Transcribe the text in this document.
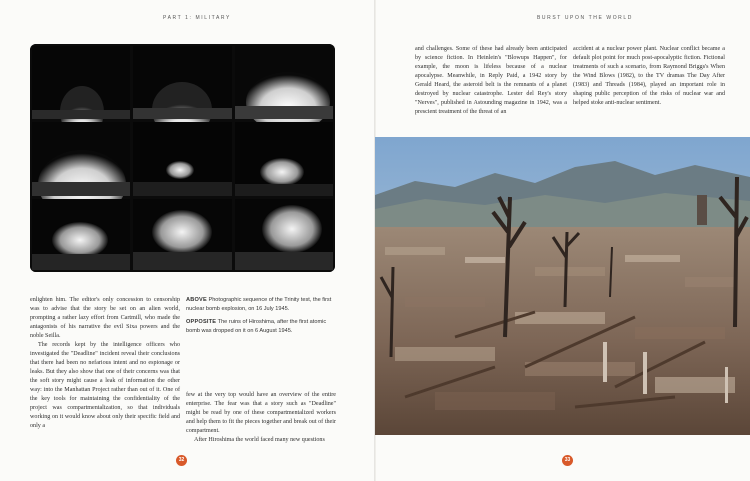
PART 1: MILITARY	BURST UPON THE WORLD

enlighten him. The editor's only concession to censorship was to advise that the story be set on an alien world, prompting a rather lazy effort from Cartmill, who made the antagonists of his narrative the evil Sixa powers and the noble Seilla.

The records kept by the intelligence officers who investigated the "Deadline" incident reveal their conclusions that there had been no nefarious intent and no espionage or leaks. But they also show that one of their concerns was that the soft story might cause a leak of information the other way: into the Manhattan Project rather than out of it. One of the key tools for maintaining the confidentiality of the project was compartmentalization, so that individuals working on it would know about only their specific field and only a

ABOVE Photographic sequence of the Trinity test, the first nuclear bomb explosion, on 16 July 1945.

OPPOSITE The ruins of Hiroshima, after the first atomic bomb was dropped on it on 6 August 1945.

few at the very top would have an overview of the entire enterprise. The fear was that a story such as "Deadline" might be read by one of these compartmentalized workers and help them to fit the pieces together and break out of their compartment.

After Hiroshima the world faced many new questions

and challenges. Some of these had already been anticipated by science fiction. In Heinlein's "Blowups Happen", for example, the moon is lifeless because of a nuclear apocalypse. Meanwhile, in Reply Paid, a 1942 story by Gerald Heard, the asteroid belt is the remnants of a planet destroyed by nuclear catastrophe. Lester del Rey's story "Nerves", published in Astounding magazine in 1942, was a prescient treatment of the threat of an

accident at a nuclear power plant. Nuclear conflict became a default plot point for much post-apocalyptic fiction. Fictional treatments of such a scenario, from Raymond Briggs's When the Wind Blows (1982), to the TV dramas The Day After (1983) and Threads (1984), played an important role in shaping public perception of the risks of nuclear war and helped stoke anti-nuclear sentiment.

32	33
